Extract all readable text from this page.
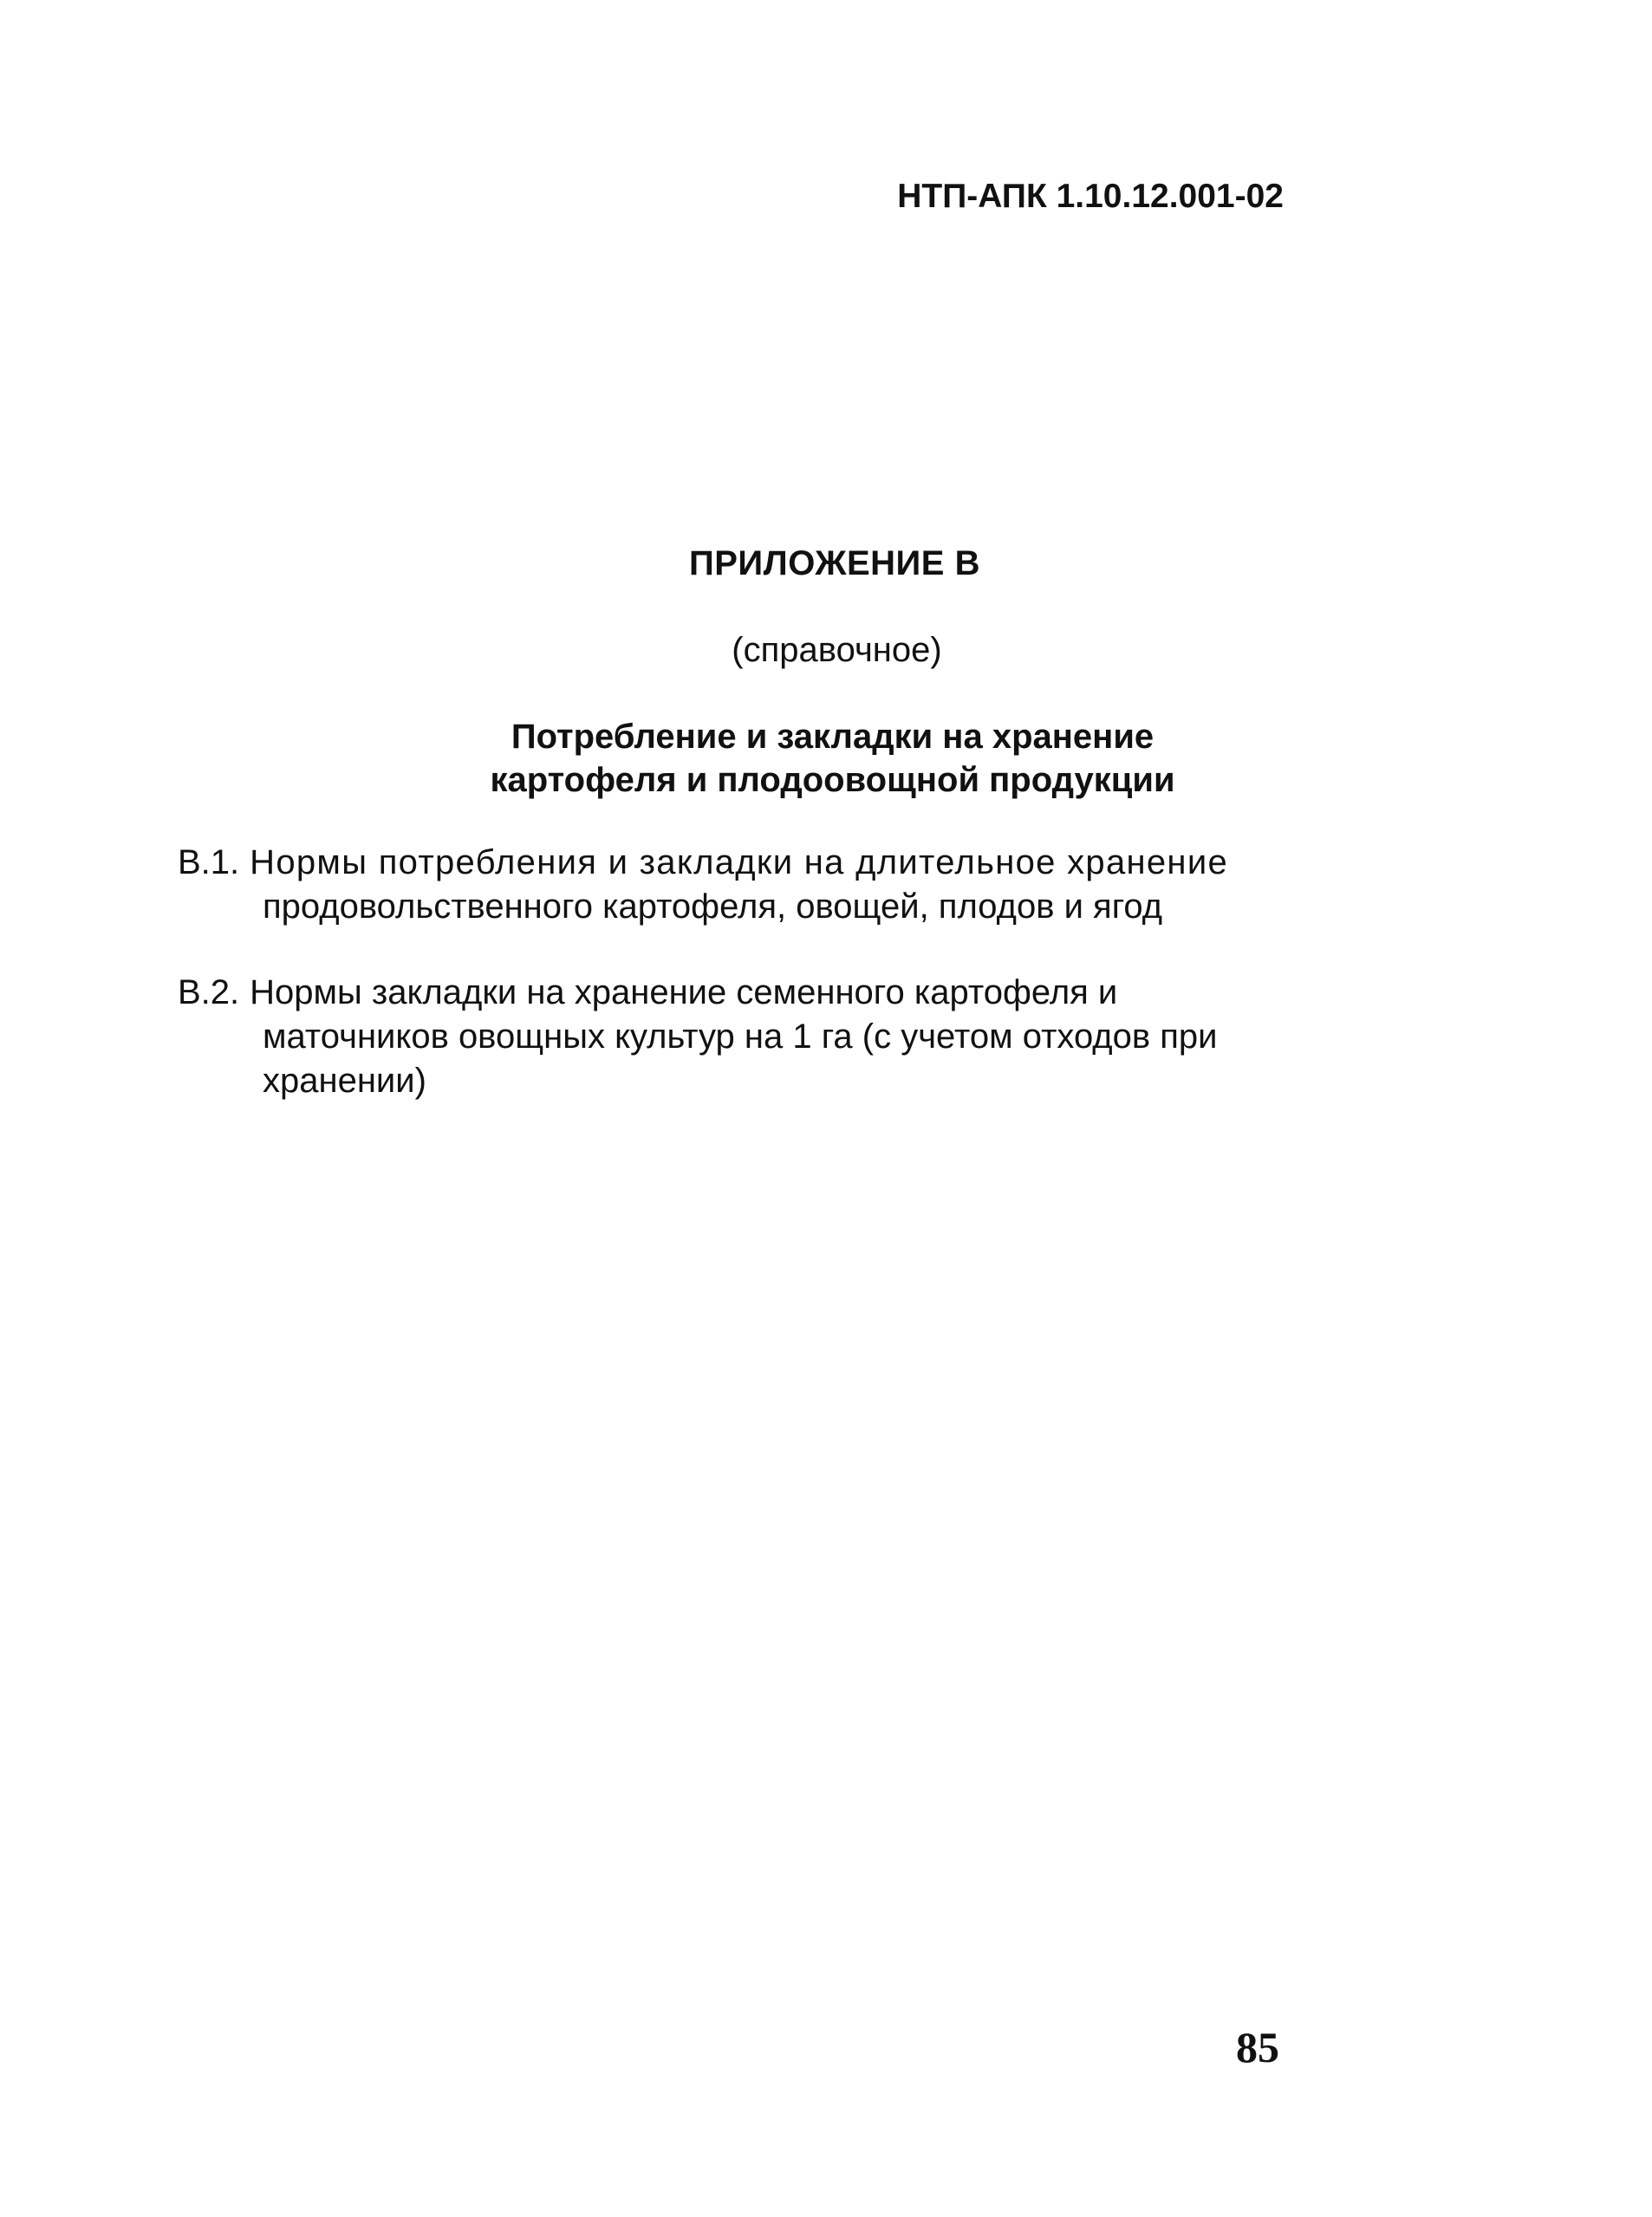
НТП-АПК 1.10.12.001-02
ПРИЛОЖЕНИЕ В
(справочное)
Потребление и закладки на хранение
картофеля и плодоовощной продукции
В.1. Нормы потребления и закладки на длительное хранение
продовольственного картофеля, овощей, плодов и ягод
В.2. Нормы закладки на хранение семенного картофеля и
маточников овощных культур на 1 га (с учетом отходов при
хранении)
85
